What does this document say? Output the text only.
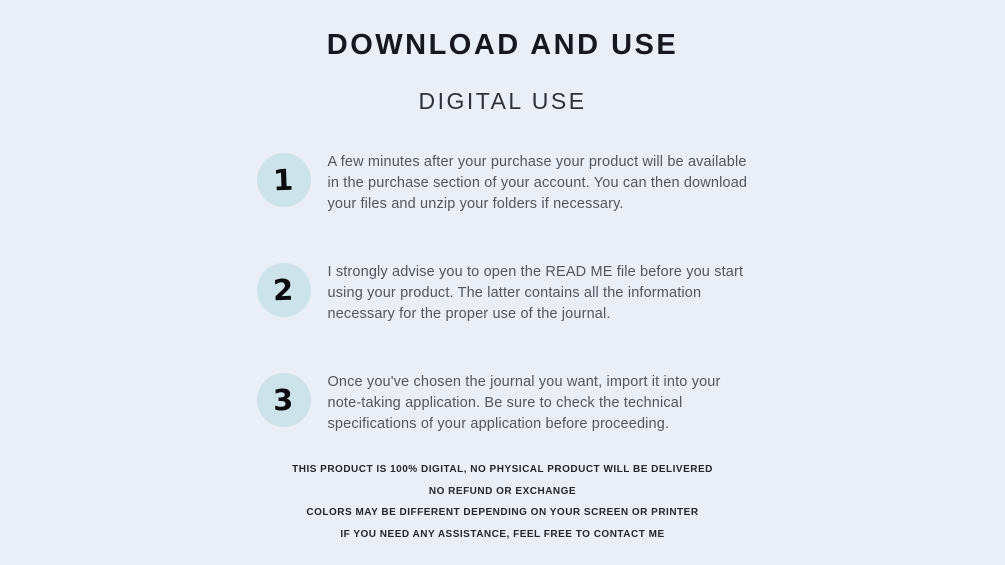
DOWNLOAD AND USE
DIGITAL USE
1

A few minutes after your purchase your product will be available in the purchase section of your account. You can then download your files and unzip your folders if necessary.

2

I strongly advise you to open the READ ME file before you start using your product. The latter contains all the information necessary for the proper use of the journal.

3

Once you've chosen the journal you want, import it into your note-taking application. Be sure to check the technical specifications of your application before proceeding.

THIS PRODUCT IS 100% DIGITAL, NO PHYSICAL PRODUCT WILL BE DELIVERED
NO REFUND OR EXCHANGE
COLORS MAY BE DIFFERENT DEPENDING ON YOUR SCREEN OR PRINTER
IF YOU NEED ANY ASSISTANCE, FEEL FREE TO CONTACT ME
